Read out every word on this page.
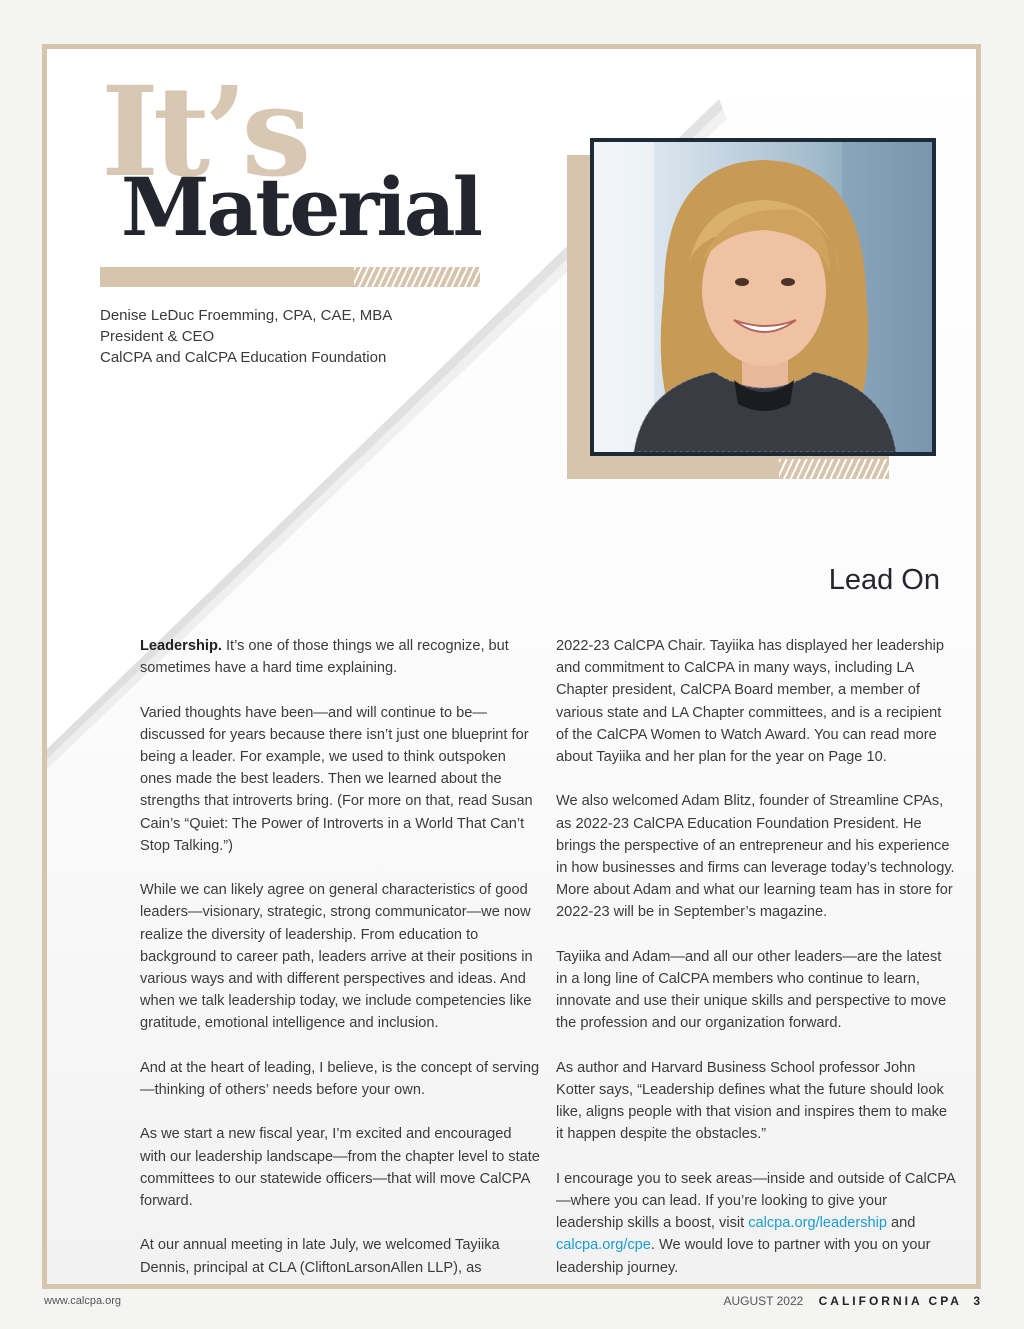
It’s
Material
Denise LeDuc Froemming, CPA, CAE, MBA
President & CEO
CalCPA and CalCPA Education Foundation
Lead On

Leadership. It’s one of those things we all recognize, but sometimes have a hard time explaining.

Varied thoughts have been—and will continue to be—discussed for years because there isn’t just one blueprint for being a leader. For example, we used to think outspoken ones made the best leaders. Then we learned about the strengths that introverts bring. (For more on that, read Susan Cain’s “Quiet: The Power of Introverts in a World That Can’t Stop Talking.”)

While we can likely agree on general characteristics of good leaders—visionary, strategic, strong communicator—we now realize the diversity of leadership. From education to background to career path, leaders arrive at their positions in various ways and with different perspectives and ideas. And when we talk leadership today, we include competencies like gratitude, emotional intelligence and inclusion.

And at the heart of leading, I believe, is the concept of serving—thinking of others’ needs before your own.

As we start a new fiscal year, I’m excited and encouraged with our leadership landscape—from the chapter level to state committees to our statewide officers—that will move CalCPA forward.

At our annual meeting in late July, we welcomed Tayiika Dennis, principal at CLA (CliftonLarsonAllen LLP), as

2022-23 CalCPA Chair. Tayiika has displayed her leadership and commitment to CalCPA in many ways, including LA Chapter president, CalCPA Board member, a member of various state and LA Chapter committees, and is a recipient of the CalCPA Women to Watch Award. You can read more about Tayiika and her plan for the year on Page 10.

We also welcomed Adam Blitz, founder of Streamline CPAs, as 2022-23 CalCPA Education Foundation President. He brings the perspective of an entrepreneur and his experience in how businesses and firms can leverage today’s technology. More about Adam and what our learning team has in store for 2022-23 will be in September’s magazine.

Tayiika and Adam—and all our other leaders—are the latest in a long line of CalCPA members who continue to learn, innovate and use their unique skills and perspective to move the profession and our organization forward.

As author and Harvard Business School professor John Kotter says, “Leadership defines what the future should look like, aligns people with that vision and inspires them to make it happen despite the obstacles.”

I encourage you to seek areas—inside and outside of CalCPA—where you can lead. If you’re looking to give your leadership skills a boost, visit calcpa.org/leadership and calcpa.org/cpe. We would love to partner with you on your leadership journey.

www.calcpa.org	AUGUST 2022 CALIFORNIA CPA 3
